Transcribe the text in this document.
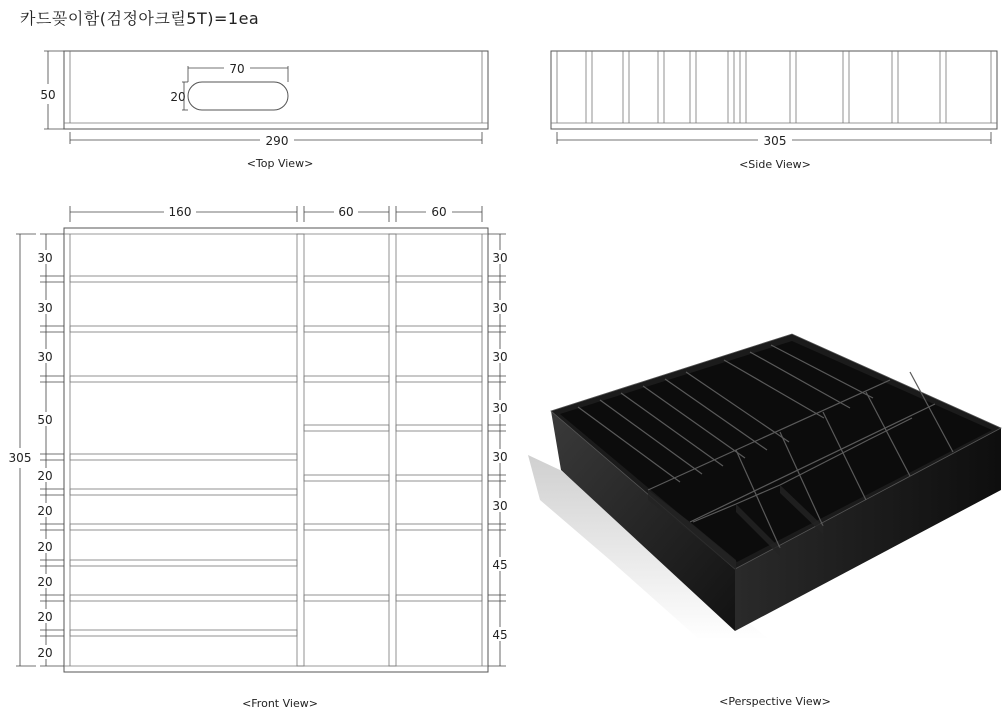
카드꽂이함(검정아크릴5T)=1ea
70
20
50
290
<Top View>
305
<Side View>
160	60	60
305
30
30
30
50
20
20
20
20
20
20
30
30
30
30
30
30
45
45
<Front View>	<Perspective View>
